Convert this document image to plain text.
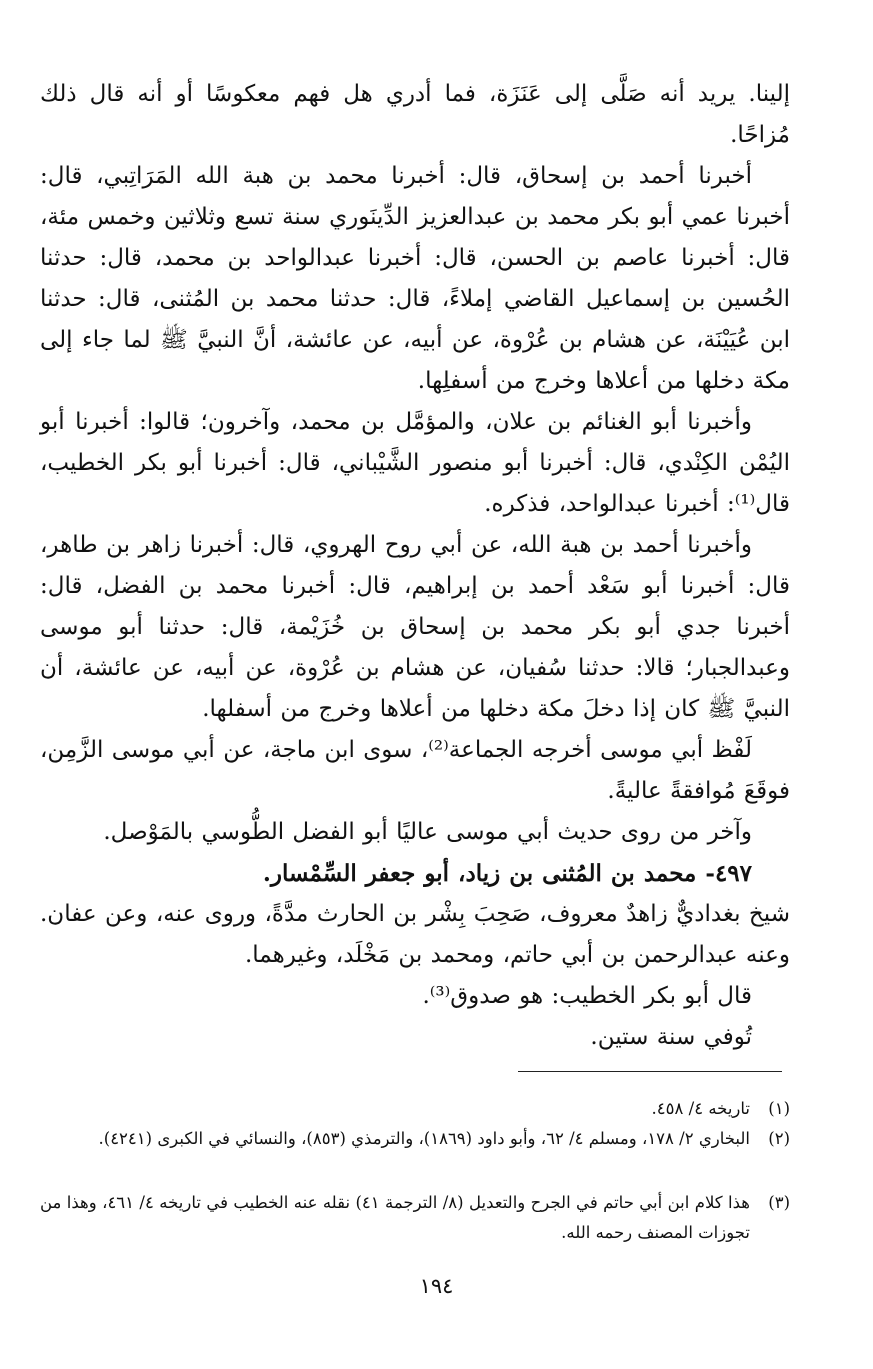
إلينا. يريد أنه صَلَّى إلى عَنَزَة، فما أدري هل فهم معكوسًا أو أنه قال ذلك مُزاحًا.
أخبرنا أحمد بن إسحاق، قال: أخبرنا محمد بن هبة الله المَرَاتِبي، قال: أخبرنا عمي أبو بكر محمد بن عبدالعزيز الدِّينَوري سنة تسع وثلاثين وخمس مئة، قال: أخبرنا عاصم بن الحسن، قال: أخبرنا عبدالواحد بن محمد، قال: حدثنا الحُسين بن إسماعيل القاضي إملاءً، قال: حدثنا محمد بن المُثنى، قال: حدثنا ابن عُيَيْنَة، عن هشام بن عُرْوة، عن أبيه، عن عائشة، أنَّ النبيَّ ﷺ لما جاء إلى مكة دخلها من أعلاها وخرج من أسفلِها.
وأخبرنا أبو الغنائم بن علان، والمؤمَّل بن محمد، وآخرون؛ قالوا: أخبرنا أبو اليُمْن الكِنْدي، قال: أخبرنا أبو منصور الشَّيْباني، قال: أخبرنا أبو بكر الخطيب، قال⁽¹⁾: أخبرنا عبدالواحد، فذكره.
وأخبرنا أحمد بن هبة الله، عن أبي روح الهروي، قال: أخبرنا زاهر بن طاهر، قال: أخبرنا أبو سَعْد أحمد بن إبراهيم، قال: أخبرنا محمد بن الفضل، قال: أخبرنا جدي أبو بكر محمد بن إسحاق بن خُزَيْمة، قال: حدثنا أبو موسى وعبدالجبار؛ قالا: حدثنا سُفيان، عن هشام بن عُرْوة، عن أبيه، عن عائشة، أن النبيَّ ﷺ كان إذا دخلَ مكة دخلها من أعلاها وخرج من أسفلها.
لَفْظ أبي موسى أخرجه الجماعة⁽²⁾، سوى ابن ماجة، عن أبي موسى الزَّمِن، فوقَعَ مُوافقةً عاليةً.
وآخر من روى حديث أبي موسى عاليًا أبو الفضل الطُّوسي بالمَوْصل.
٤٩٧- محمد بن المُثنى بن زياد، أبو جعفر السِّمْسار.
شيخ بغداديٌّ زاهدٌ معروف، صَحِبَ بِشْر بن الحارث مدَّةً، وروى عنه، وعن عفان. وعنه عبدالرحمن بن أبي حاتم، ومحمد بن مَخْلَد، وغيرهما.
قال أبو بكر الخطيب: هو صدوق⁽³⁾.
تُوفي سنة ستين.
(١)
تاريخه ٤/ ٤٥٨.
(٢)
البخاري ٢/ ١٧٨، ومسلم ٤/ ٦٢، وأبو داود (١٨٦٩)، والترمذي (٨٥٣)، والنسائي في الكبرى (٤٢٤١).
(٣)
هذا كلام ابن أبي حاتم في الجرح والتعديل (٨/ الترجمة ٤١) نقله عنه الخطيب في تاريخه ٤/ ٤٦١، وهذا من تجوزات المصنف رحمه الله.
١٩٤
